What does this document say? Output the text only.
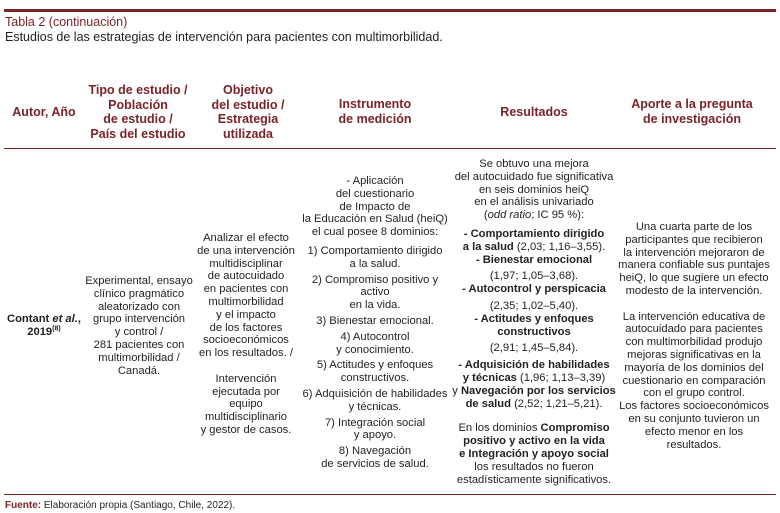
Tabla 2 (continuación)
Estudios de las estrategias de intervención para pacientes con multimorbilidad.
Autor, Año
Tipo de estudio /
Población
de estudio /
País del estudio
Objetivo
del estudio /
Estrategia
utilizada
Instrumento
de medición	Resultados
Aporte a la pregunta
de investigación

Contant et al.,

2019$^{(8)}$

Experimental, ensayo
clínico pragmático
aleatorizado con
grupo intervención
y control /
281 pacientes con
multimorbilidad /
Canadá.
Analizar el efecto
de una intervención
multidisciplinar
de autocuidado
en pacientes con
multimorbilidad
y el impacto
de los factores
socioeconómicos
en los resultados. /
Intervención
ejecutada por equipo
multidisciplinario
y gestor de casos.
- Aplicación
del cuestionario
de Impacto de
la Educación en Salud (heiQ)
el cual posee 8 dominios:
1) Comportamiento dirigido
a la salud.
2) Compromiso positivo y activo
en la vida.
3) Bienestar emocional.
4) Autocontrol
y conocimiento.
5) Actitudes y enfoques
constructivos.
6) Adquisición de habilidades
y técnicas.
7) Integración social
y apoyo.
8) Navegación
de servicios de salud.
Se obtuvo una mejora
del autocuidado fue significativa
en seis dominios heiQ
en el análisis univariado

(odd ratio; IC 95 %):

- Comportamiento dirigido

a la salud (2,03; 1,16–3,55).

- Bienestar emocional

(1,97; 1,05–3,68).

- Autocontrol y perspicacia

(2,35; 1,02–5,40).

- Actitudes y enfoques

constructivos

(2,91; 1,45–5,84).

- Adquisición de habilidades

y técnicas (1,96; 1,13–3,39)

y Navegación por los servicios

de salud (2,52; 1,21–5,21).

En los dominios Compromiso

positivo y activo en la vida

e Integración y apoyo social

los resultados no fueron
estadísticamente significativos.
Una cuarta parte de los
participantes que recibieron
la intervención mejoraron de
manera confiable sus puntajes
heiQ, lo que sugiere un efecto
modesto de la intervención.
La intervención educativa de
autocuidado para pacientes
con multimorbilidad produjo
mejoras significativas en la
mayoría de los dominios del
cuestionario en comparación
con el grupo control.
Los factores socioeconómicos
en su conjunto tuvieron un
efecto menor en los resultados.
Fuente: Elaboración propia (Santiago, Chile, 2022).
